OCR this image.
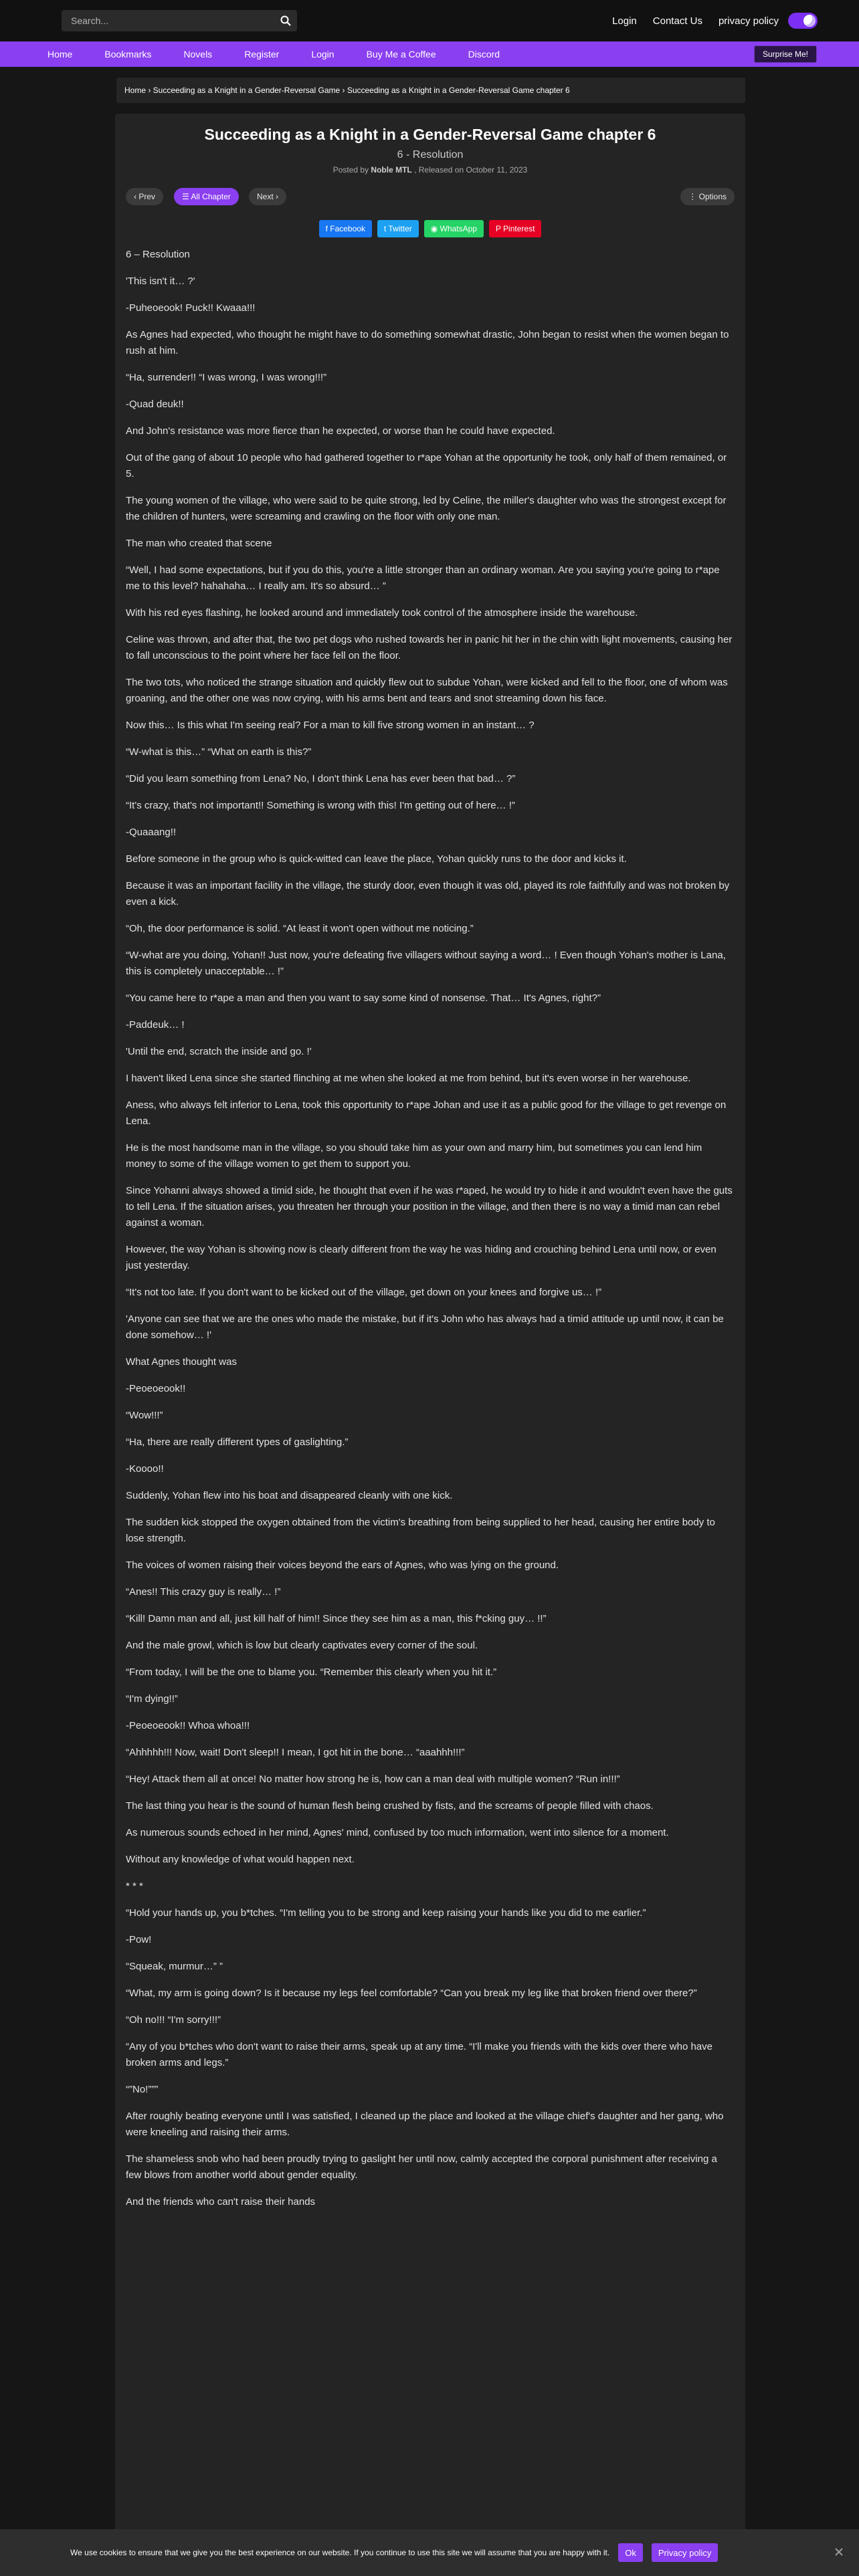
Search...
Login Contact Us privacy policy
Home	Bookmarks	Novels	Register	Login	Buy Me a Coffee	Discord	Surprise Me!
Home › Succeeding as a Knight in a Gender-Reversal Game › Succeeding as a Knight in a Gender-Reversal Game chapter 6
Succeeding as a Knight in a Gender-Reversal Game chapter 6
6 - Resolution
Posted by Noble MTL , Released on October 11, 2023
‹ Prev	☰ All Chapter	Next ›	⋮ Options
f Facebook t Twitter ◉ WhatsApp P Pinterest

6 – Resolution

'This isn't it… ?'

-Puheoeook! Puck!! Kwaaa!!!

As Agnes had expected, who thought he might have to do something somewhat drastic, John began to resist when the women began to rush at him.

“Ha, surrender!! “I was wrong, I was wrong!!!”

-Quad deuk!!

And John's resistance was more fierce than he expected, or worse than he could have expected.

Out of the gang of about 10 people who had gathered together to r*ape Yohan at the opportunity he took, only half of them remained, or 5.

The young women of the village, who were said to be quite strong, led by Celine, the miller's daughter who was the strongest except for the children of hunters, were screaming and crawling on the floor with only one man.

The man who created that scene

“Well, I had some expectations, but if you do this, you're a little stronger than an ordinary woman. Are you saying you're going to r*ape me to this level? hahahaha… I really am. It's so absurd… ”

With his red eyes flashing, he looked around and immediately took control of the atmosphere inside the warehouse.

Celine was thrown, and after that, the two pet dogs who rushed towards her in panic hit her in the chin with light movements, causing her to fall unconscious to the point where her face fell on the floor.

The two tots, who noticed the strange situation and quickly flew out to subdue Yohan, were kicked and fell to the floor, one of whom was groaning, and the other one was now crying, with his arms bent and tears and snot streaming down his face.

Now this… Is this what I'm seeing real? For a man to kill five strong women in an instant… ?

“W-what is this…” “What on earth is this?”

“Did you learn something from Lena? No, I don't think Lena has ever been that bad… ?”

“It's crazy, that's not important!! Something is wrong with this! I'm getting out of here… !”

-Quaaang!!

Before someone in the group who is quick-witted can leave the place, Yohan quickly runs to the door and kicks it.

Because it was an important facility in the village, the sturdy door, even though it was old, played its role faithfully and was not broken by even a kick.

“Oh, the door performance is solid. “At least it won't open without me noticing.”

“W-what are you doing, Yohan!! Just now, you're defeating five villagers without saying a word… ! Even though Yohan's mother is Lana, this is completely unacceptable… !”

“You came here to r*ape a man and then you want to say some kind of nonsense. That… It's Agnes, right?”

-Paddeuk… !

'Until the end, scratch the inside and go. !'

I haven't liked Lena since she started flinching at me when she looked at me from behind, but it's even worse in her warehouse.

Aness, who always felt inferior to Lena, took this opportunity to r*ape Johan and use it as a public good for the village to get revenge on Lena.

He is the most handsome man in the village, so you should take him as your own and marry him, but sometimes you can lend him money to some of the village women to get them to support you.

Since Yohanni always showed a timid side, he thought that even if he was r*aped, he would try to hide it and wouldn't even have the guts to tell Lena. If the situation arises, you threaten her through your position in the village, and then there is no way a timid man can rebel against a woman.

However, the way Yohan is showing now is clearly different from the way he was hiding and crouching behind Lena until now, or even just yesterday.

“It's not too late. If you don't want to be kicked out of the village, get down on your knees and forgive us… !”

'Anyone can see that we are the ones who made the mistake, but if it's John who has always had a timid attitude up until now, it can be done somehow… !'

What Agnes thought was

-Peoeoeook!!

“Wow!!!”

“Ha, there are really different types of gaslighting.”

-Koooo!!

Suddenly, Yohan flew into his boat and disappeared cleanly with one kick.

The sudden kick stopped the oxygen obtained from the victim's breathing from being supplied to her head, causing her entire body to lose strength.

The voices of women raising their voices beyond the ears of Agnes, who was lying on the ground.

“Anes!! This crazy guy is really… !”

“Kill! Damn man and all, just kill half of him!! Since they see him as a man, this f*cking guy… !!”

And the male growl, which is low but clearly captivates every corner of the soul.

“From today, I will be the one to blame you. “Remember this clearly when you hit it.”

“I'm dying!!”

-Peoeoeook!! Whoa whoa!!!

“Ahhhhh!!! Now, wait! Don't sleep!! I mean, I got hit in the bone… “aaahhh!!!”

“Hey! Attack them all at once! No matter how strong he is, how can a man deal with multiple women? “Run in!!!”

The last thing you hear is the sound of human flesh being crushed by fists, and the screams of people filled with chaos.

As numerous sounds echoed in her mind, Agnes' mind, confused by too much information, went into silence for a moment.

Without any knowledge of what would happen next.

* * *

“Hold your hands up, you b*tches. “I'm telling you to be strong and keep raising your hands like you did to me earlier.”

-Pow!

“Squeak, murmur…” ”

“What, my arm is going down? Is it because my legs feel comfortable? “Can you break my leg like that broken friend over there?”

“Oh no!!! “I'm sorry!!!”

“Any of you b*tches who don't want to raise their arms, speak up at any time. “I'll make you friends with the kids over there who have broken arms and legs.”

“”No!”””

After roughly beating everyone until I was satisfied, I cleaned up the place and looked at the village chief's daughter and her gang, who were kneeling and raising their arms.

The shameless snob who had been proudly trying to gaslight her until now, calmly accepted the corporal punishment after receiving a few blows from another world about gender equality.

And the friends who can't raise their hands

We use cookies to ensure that we give you the best experience on our website. If you continue to use this site we will assume that you are happy with it.	Ok	Privacy policy
